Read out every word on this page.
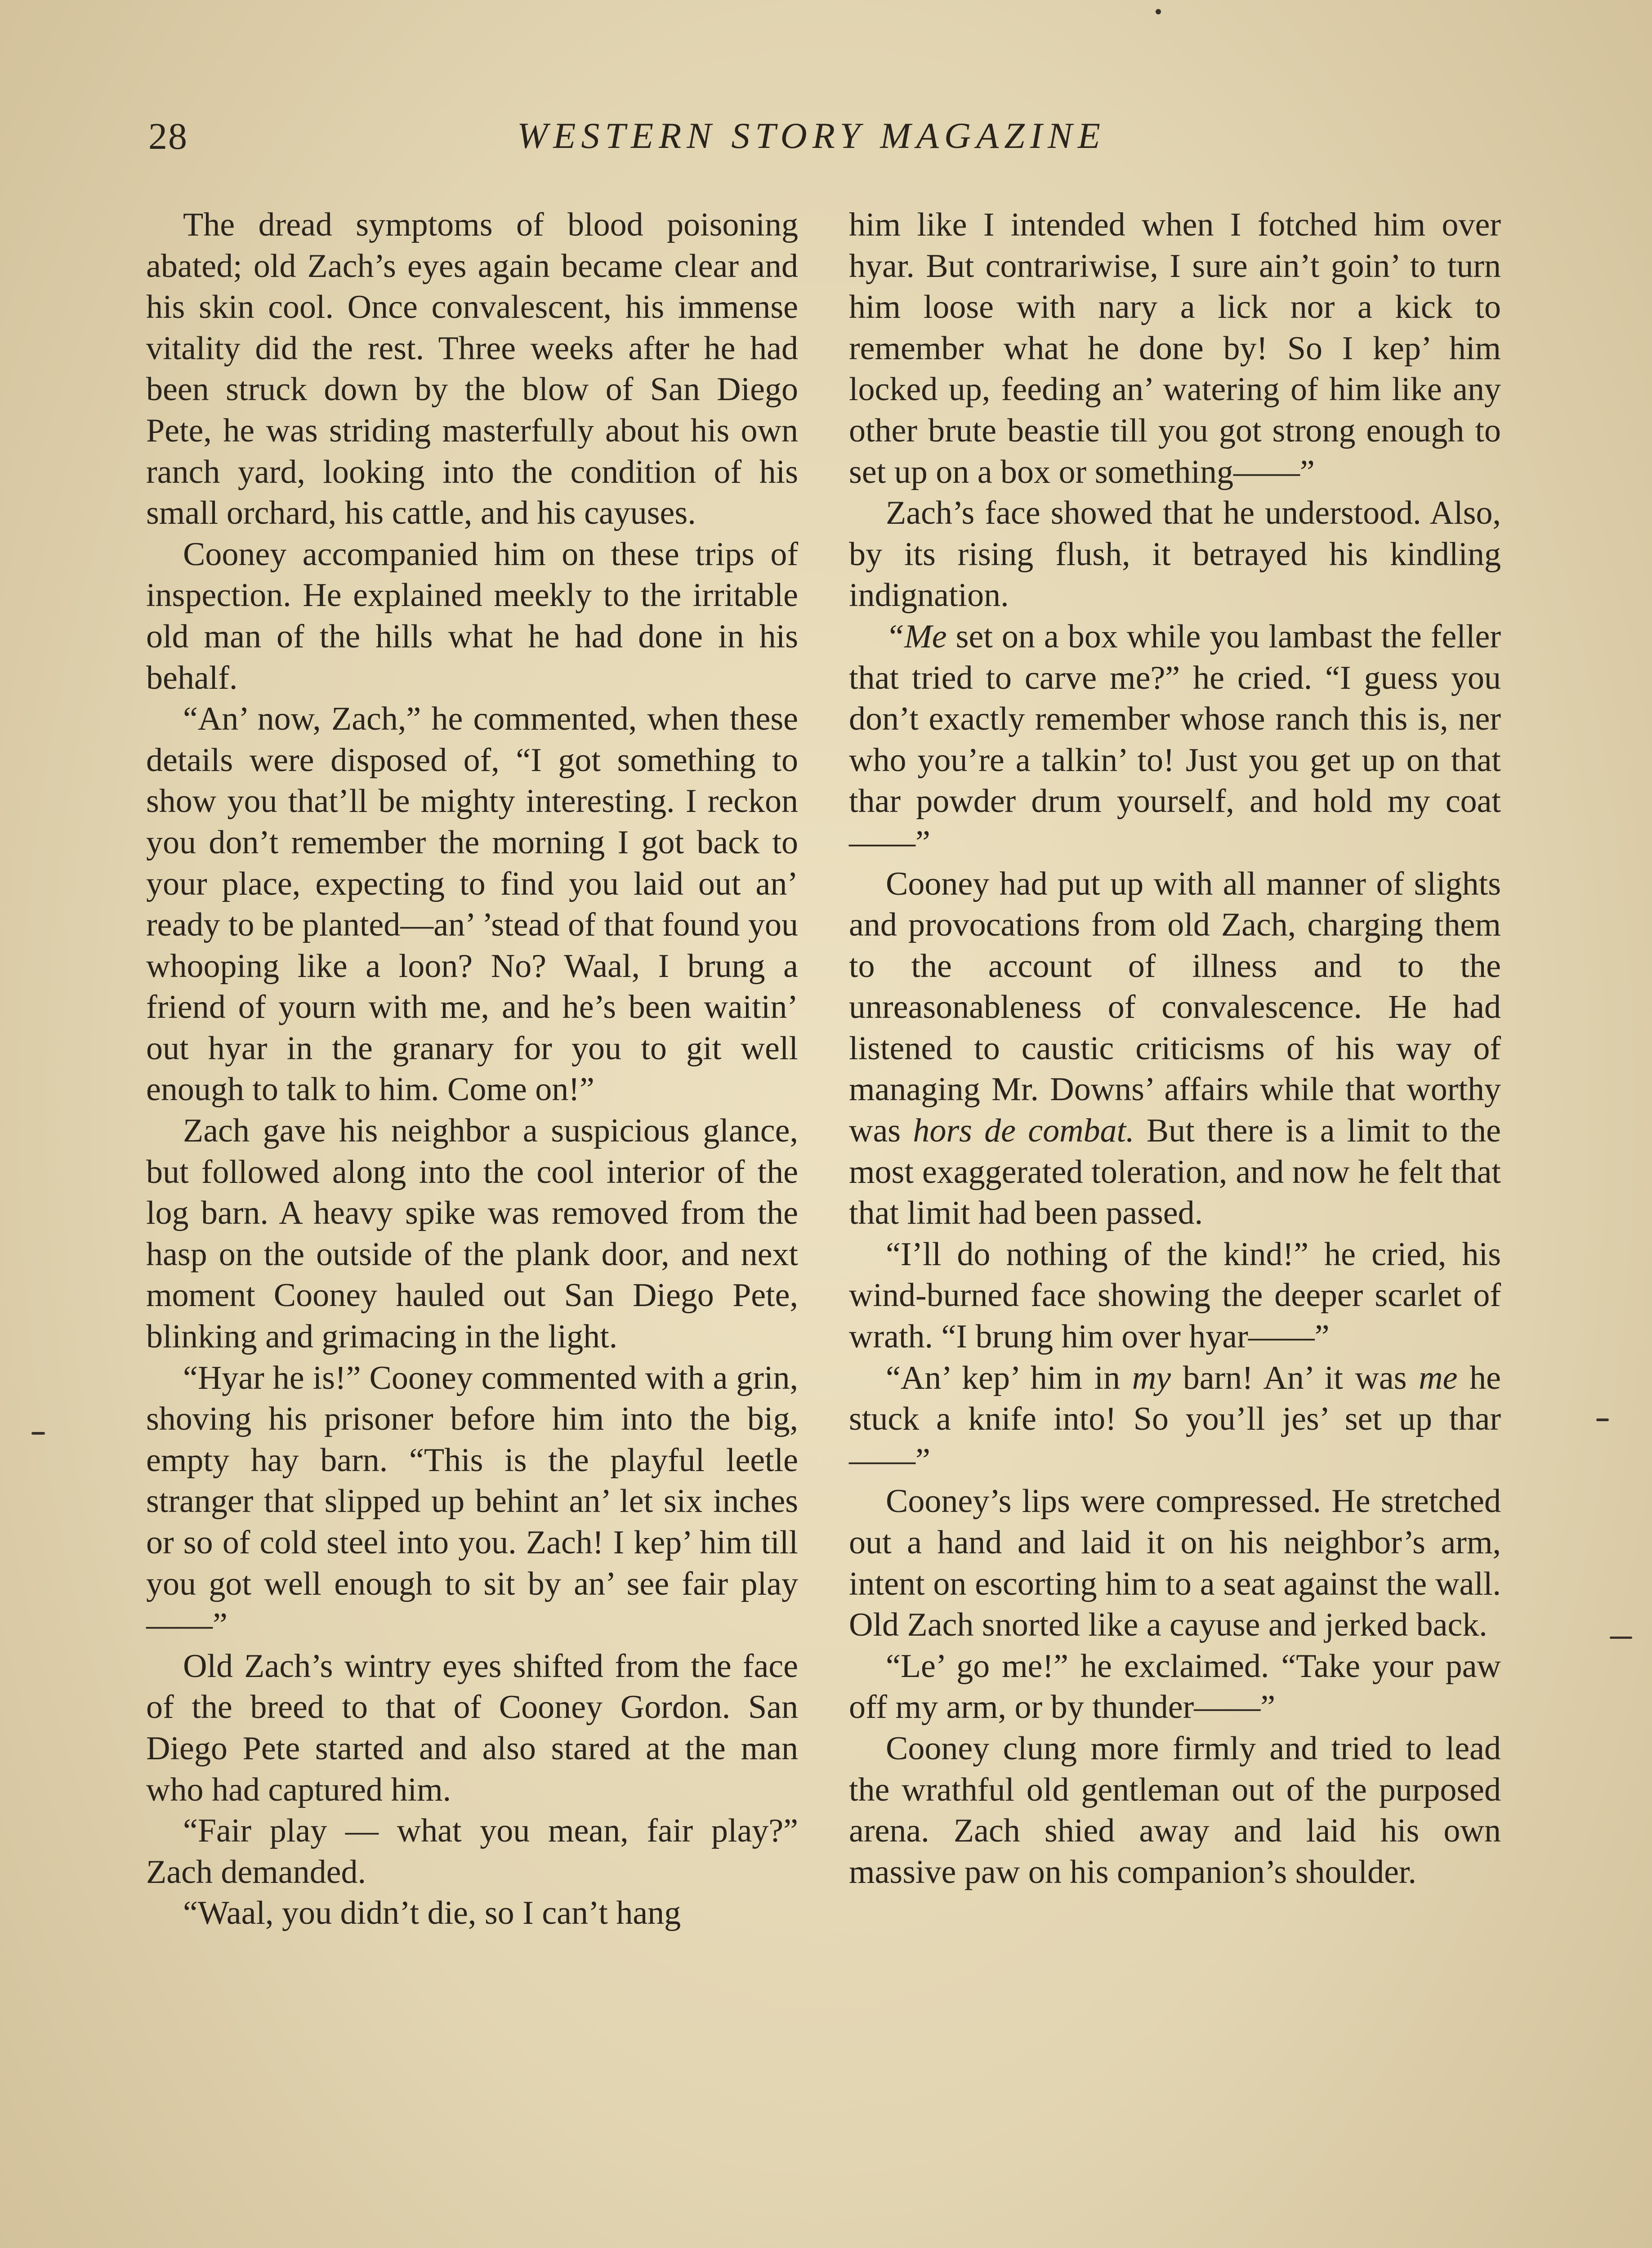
28	WESTERN STORY MAGAZINE

The dread symptoms of blood poisoning abated; old Zach’s eyes again became clear and his skin cool. Once convalescent, his immense vitality did the rest. Three weeks after he had been struck down by the blow of San Diego Pete, he was striding masterfully about his own ranch yard, looking into the condition of his small orchard, his cattle, and his cayuses.

Cooney accompanied him on these trips of inspection. He explained meekly to the irritable old man of the hills what he had done in his behalf.

“An’ now, Zach,” he commented, when these details were disposed of, “I got something to show you that’ll be mighty interesting. I reckon you don’t remember the morning I got back to your place, expecting to find you laid out an’ ready to be planted—an’ ’stead of that found you whooping like a loon? No? Waal, I brung a friend of yourn with me, and he’s been waitin’ out hyar in the granary for you to git well enough to talk to him. Come on!”

Zach gave his neighbor a suspicious glance, but followed along into the cool interior of the log barn. A heavy spike was removed from the hasp on the outside of the plank door, and next moment Cooney hauled out San Diego Pete, blinking and grimacing in the light.

“Hyar he is!” Cooney commented with a grin, shoving his prisoner before him into the big, empty hay barn. “This is the playful leetle stranger that slipped up behint an’ let six inches or so of cold steel into you. Zach! I kep’ him till you got well enough to sit by an’ see fair play——”

Old Zach’s wintry eyes shifted from the face of the breed to that of Cooney Gordon. San Diego Pete started and also stared at the man who had captured him.

“Fair play — what you mean, fair play?” Zach demanded.

“Waal, you didn’t die, so I can’t hang

him like I intended when I fotched him over hyar. But contrariwise, I sure ain’t goin’ to turn him loose with nary a lick nor a kick to remember what he done by! So I kep’ him locked up, feeding an’ watering of him like any other brute beastie till you got strong enough to set up on a box or something——”

Zach’s face showed that he understood. Also, by its rising flush, it betrayed his kindling indignation.

“Me set on a box while you lambast the feller that tried to carve me?” he cried. “I guess you don’t exactly remember whose ranch this is, ner who you’re a talkin’ to! Just you get up on that thar powder drum yourself, and hold my coat——”

Cooney had put up with all manner of slights and provocations from old Zach, charging them to the account of illness and to the unreasonableness of convalescence. He had listened to caustic criticisms of his way of managing Mr. Downs’ affairs while that worthy was hors de combat. But there is a limit to the most exaggerated toleration, and now he felt that that limit had been passed.

“I’ll do nothing of the kind!” he cried, his wind-burned face showing the deeper scarlet of wrath. “I brung him over hyar——”

“An’ kep’ him in my barn! An’ it was me he stuck a knife into! So you’ll jes’ set up thar——”

Cooney’s lips were compressed. He stretched out a hand and laid it on his neighbor’s arm, intent on escorting him to a seat against the wall. Old Zach snorted like a cayuse and jerked back.

“Le’ go me!” he exclaimed. “Take your paw off my arm, or by thunder——”

Cooney clung more firmly and tried to lead the wrathful old gentleman out of the purposed arena. Zach shied away and laid his own massive paw on his companion’s shoulder.
